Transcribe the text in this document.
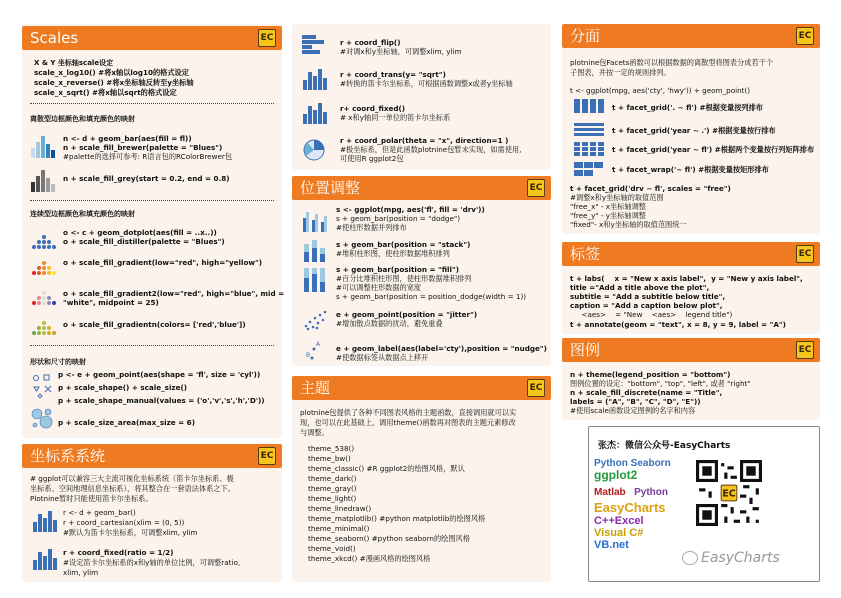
Scales	EC
X & Y 坐标轴scale设定
scale_x_log10() #将x轴以log10的格式设定
scale_x_reverse() #将x坐标轴反转至y坐标轴
scale_x_sqrt() #将x轴以sqrt的格式设定
离散型边框颜色和填充颜色的映射
n <- d + geom_bar(aes(fill = fl))
n + scale_fill_brewer(palette = "Blues")
#palette的选择可参考: R语言包的RColorBrewer包
n + scale_fill_grey(start = 0.2, end = 0.8)
连续型边框颜色和填充颜色的映射
o <- c + geom_dotplot(aes(fill = ..x..))
o + scale_fill_distiller(palette = "Blues")
o + scale_fill_gradient(low="red", high="yellow")
o + scale_fill_gradient2(low="red", high="blue", mid =
"white", midpoint = 25)
o + scale_fill_gradientn(colors= ['red','blue'])
形状和尺寸的映射
p <- e + geom_point(aes(shape = 'fl', size = 'cyl'))
p + scale_shape() + scale_size()
p + scale_shape_manual(values = ('o','v','s','h','D'))
p + scale_size_area(max_size = 6)
坐标系系统	EC
# ggplot可以兼容三大主流可视化坐标系统（笛卡尔坐标系、极
坐标系、空间地理信息坐标系），将其整合在一套语法体系之下。
Plotnine暂时只能使用笛卡尔坐标系。
r <- d + geom_bar()
r + coord_cartesian(xlim = (0, 5))
#默认为笛卡尔坐标系，可调整xlim, ylim
r + coord_fixed(ratio = 1/2)
#设定笛卡尔坐标系的x和y轴的单位比例，可调整ratio,
xlim, ylim
r + coord_flip()
#对调x和y坐标轴，可调整xlim, ylim
r + coord_trans(y= "sqrt")
#转换的笛卡尔坐标系，可根据函数调整x或者y坐标轴
r+ coord_fixed()
# x和y轴同一单位的笛卡尔坐标系
r + coord_polar(theta = "x", direction=1 )
#极坐标系，但是此函数plotnine包暂未实现，如需使用,
可使用R ggplot2包
位置调整	EC
s <- ggplot(mpg, aes('fl', fill = 'drv'))
s + geom_bar(position = "dodge")
#使柱形数据并列排布
s + geom_bar(position = "stack")
#堆积柱形图，使柱形数据堆积排列
s + geom_bar(position = "fill")
#百分比堆积柱形图，使柱形数据堆积排列
#可以调整柱形数据的宽度
s + geom_bar(position = position_dodge(width = 1))
e + geom_point(position = "jitter")
#增加散点数据的扰动，避免重叠
A
B
e + geom_label(aes(label='cty'),position = "nudge")
#使数据标签从数据点上移开
主题	EC
plotnine包提供了各种不同图表风格的主题函数，直接调用就可以实
现，也可以在此基础上，调用theme()函数再对图表的主题元素修改
与调整。
theme_538()
theme_bw()
theme_classic() #R ggplot2的绘图风格，默认
theme_dark()
theme_gray()
theme_light()
theme_linedraw()
theme_matplotlib() #python matplotlib的绘图风格
theme_minimal()
theme_seaborn() #python seaborn的绘图风格
theme_void()
theme_xkcd() #漫画风格的绘图风格
分面	EC
plotnine包Facets函数可以根据数据的离散型将图表分成若干个
子图表，并按一定的规则排列。
t <- ggplot(mpg, aes('cty', 'hwy')) + geom_point()
t + facet_grid('. ~ fl') #根据变量按列排布
t + facet_grid('year ~ .') #根据变量按行排布
t + facet_grid('year ~ fl') #根据两个变量按行列矩阵排布
t + facet_wrap('~ fl') #根据变量按矩形排布
t + facet_grid('drv ~ fl', scales = "free")
#调整x和y坐标轴的取值范围
"free_x" - x坐标轴调整
"free_y" - y坐标轴调整
"fixed"- x和y坐标轴的取值范围统一
标签	EC
t + labs(    x = "New x axis label",  y = "New y axis label",
title ="Add a title above the plot",
subtitle = "Add a subtitle below title",
caption = "Add a caption below plot",
<aes>    = "New    <aes>    legend title")
t + annotate(geom = "text", x = 8, y = 9, label = "A")
图例	EC
n + theme(legend_position = "bottom")
图例位置的设定："bottom", "top", "left", 或者 "right"
n + scale_fill_discrete(name = "Title",
labels = ("A", "B", "C", "D", "E"))
#使用scale函数设定图例的名字和内容
张杰：微信公众号-EasyCharts
Python Seaborn
ggplot2
Matlab Python
EasyCharts
C++Excel
Visual C#
VB.net
EC
EasyCharts
